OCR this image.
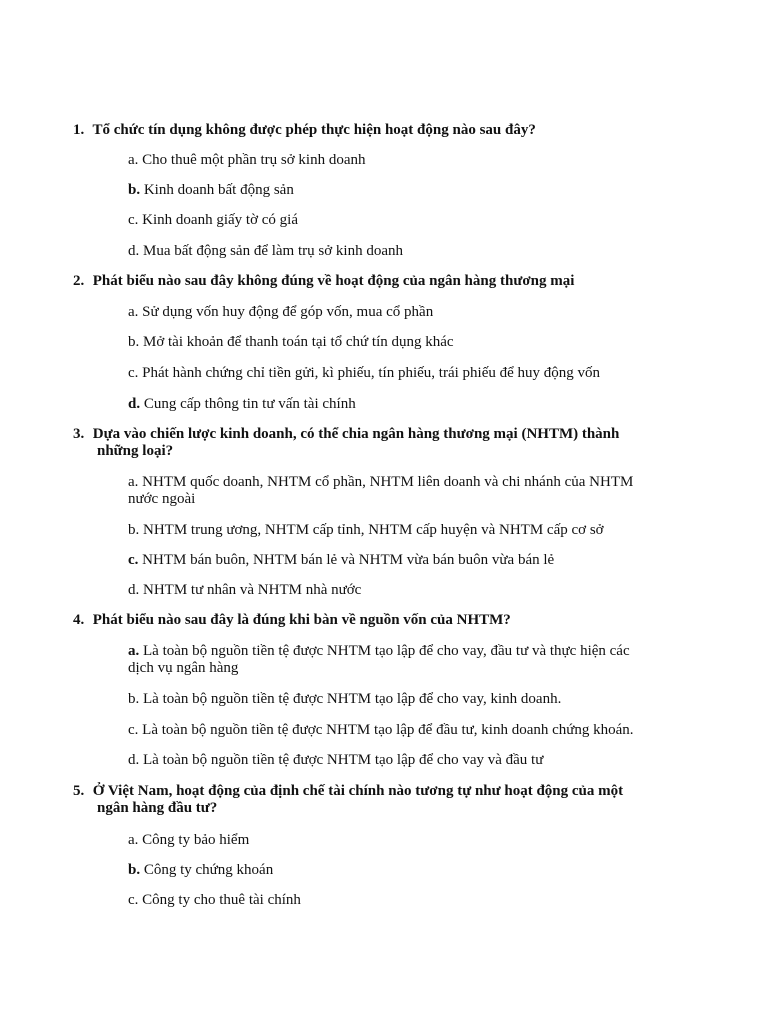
1. Tổ chức tín dụng không được phép thực hiện hoạt động nào sau đây?
a. Cho thuê một phần trụ sở kinh doanh
b. Kinh doanh bất động sản
c. Kinh doanh giấy tờ có giá
d. Mua bất động sản để làm trụ sở kinh doanh
2. Phát biểu nào sau đây không đúng về hoạt động của ngân hàng thương mại
a. Sử dụng vốn huy động để góp vốn, mua cổ phần
b. Mở tài khoản để thanh toán tại tổ chứ tín dụng khác
c. Phát hành chứng chỉ tiền gửi, kì phiếu, tín phiếu, trái phiếu để huy động vốn
d. Cung cấp thông tin tư vấn tài chính
3. Dựa vào chiến lược kinh doanh, có thể chia ngân hàng thương mại (NHTM) thành
những loại?
a. NHTM quốc doanh, NHTM cổ phần, NHTM liên doanh và chi nhánh của NHTM
nước ngoài
b. NHTM trung ương, NHTM cấp tỉnh, NHTM cấp huyện và NHTM cấp cơ sở
c. NHTM bán buôn, NHTM bán lẻ và NHTM vừa bán buôn vừa bán lẻ
d. NHTM tư nhân và NHTM nhà nước
4. Phát biểu nào sau đây là đúng khi bàn về nguồn vốn của NHTM?
a. Là toàn bộ nguồn tiền tệ được NHTM tạo lập để cho vay, đầu tư và thực hiện các
dịch vụ ngân hàng
b. Là toàn bộ nguồn tiền tệ được NHTM tạo lập để cho vay, kinh doanh.
c. Là toàn bộ nguồn tiền tệ được NHTM tạo lập để đầu tư, kinh doanh chứng khoán.
d. Là toàn bộ nguồn tiền tệ được NHTM tạo lập để cho vay và đầu tư
5. Ở Việt Nam, hoạt động của định chế tài chính nào tương tự như hoạt động của một
ngân hàng đầu tư?
a. Công ty bảo hiểm
b. Công ty chứng khoán
c. Công ty cho thuê tài chính
